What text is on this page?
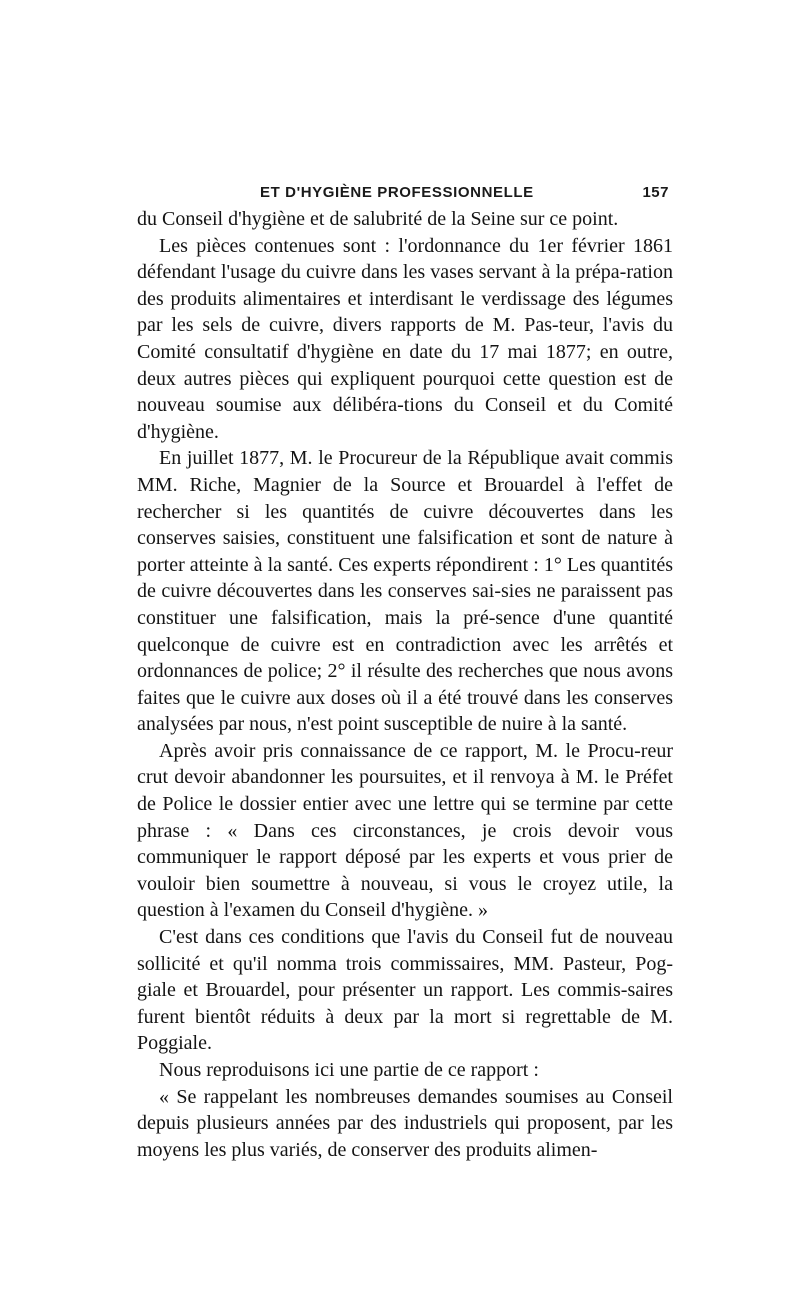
ET D'HYGIÈNE PROFESSIONNELLE	157

du Conseil d'hygiène et de salubrité de la Seine sur ce point.

Les pièces contenues sont : l'ordonnance du 1er février 1861 défendant l'usage du cuivre dans les vases servant à la prépa-ration des produits alimentaires et interdisant le verdissage des légumes par les sels de cuivre, divers rapports de M. Pas-teur, l'avis du Comité consultatif d'hygiène en date du 17 mai 1877; en outre, deux autres pièces qui expliquent pourquoi cette question est de nouveau soumise aux délibéra-tions du Conseil et du Comité d'hygiène.

En juillet 1877, M. le Procureur de la République avait commis MM. Riche, Magnier de la Source et Brouardel à l'effet de rechercher si les quantités de cuivre découvertes dans les conserves saisies, constituent une falsification et sont de nature à porter atteinte à la santé. Ces experts répondirent : 1° Les quantités de cuivre découvertes dans les conserves sai-sies ne paraissent pas constituer une falsification, mais la pré-sence d'une quantité quelconque de cuivre est en contradiction avec les arrêtés et ordonnances de police; 2° il résulte des recherches que nous avons faites que le cuivre aux doses où il a été trouvé dans les conserves analysées par nous, n'est point susceptible de nuire à la santé.

Après avoir pris connaissance de ce rapport, M. le Procu-reur crut devoir abandonner les poursuites, et il renvoya à M. le Préfet de Police le dossier entier avec une lettre qui se termine par cette phrase : « Dans ces circonstances, je crois devoir vous communiquer le rapport déposé par les experts et vous prier de vouloir bien soumettre à nouveau, si vous le croyez utile, la question à l'examen du Conseil d'hygiène. »

C'est dans ces conditions que l'avis du Conseil fut de nouveau sollicité et qu'il nomma trois commissaires, MM. Pasteur, Pog-giale et Brouardel, pour présenter un rapport. Les commis-saires furent bientôt réduits à deux par la mort si regrettable de M. Poggiale.

Nous reproduisons ici une partie de ce rapport :

« Se rappelant les nombreuses demandes soumises au Conseil depuis plusieurs années par des industriels qui proposent, par les moyens les plus variés, de conserver des produits alimen-
